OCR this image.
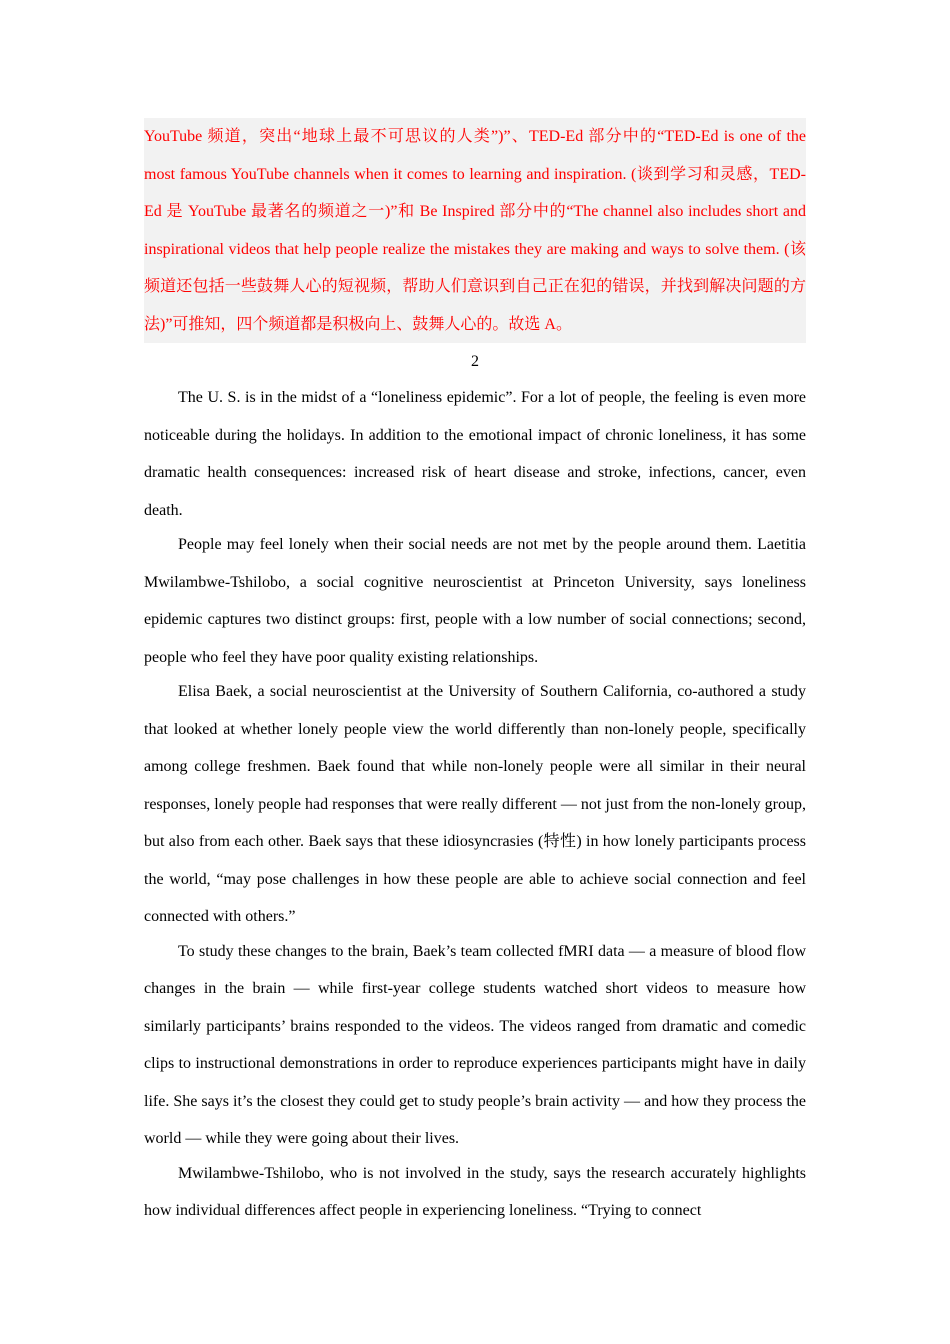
YouTube 频道，突出“地球上最不可思议的人类”)”、TED-Ed 部分中的“TED-Ed is one of the most famous YouTube channels when it comes to learning and inspiration. (谈到学习和灵感，TED-Ed 是 YouTube 最著名的频道之一)”和 Be Inspired 部分中的“The channel also includes short and inspirational videos that help people realize the mistakes they are making and ways to solve them. (该频道还包括一些鼓舞人心的短视频，帮助人们意识到自己正在犯的错误，并找到解决问题的方法)”可推知，四个频道都是积极向上、鼓舞人心的。故选 A。

2

The U. S. is in the midst of a “loneliness epidemic”. For a lot of people, the feeling is even more noticeable during the holidays. In addition to the emotional impact of chronic loneliness, it has some dramatic health consequences: increased risk of heart disease and stroke, infections, cancer, even death.

People may feel lonely when their social needs are not met by the people around them. Laetitia Mwilambwe-Tshilobo, a social cognitive neuroscientist at Princeton University, says loneliness epidemic captures two distinct groups: first, people with a low number of social connections; second, people who feel they have poor quality existing relationships.

Elisa Baek, a social neuroscientist at the University of Southern California, co-authored a study that looked at whether lonely people view the world differently than non-lonely people, specifically among college freshmen. Baek found that while non-lonely people were all similar in their neural responses, lonely people had responses that were really different — not just from the non-lonely group, but also from each other. Baek says that these idiosyncrasies (特性) in how lonely participants process the world, “may pose challenges in how these people are able to achieve social connection and feel connected with others.”

To study these changes to the brain, Baek’s team collected fMRI data — a measure of blood flow changes in the brain — while first-year college students watched short videos to measure how similarly participants’ brains responded to the videos. The videos ranged from dramatic and comedic clips to instructional demonstrations in order to reproduce experiences participants might have in daily life. She says it’s the closest they could get to study people’s brain activity — and how they process the world — while they were going about their lives.

Mwilambwe-Tshilobo, who is not involved in the study, says the research accurately highlights how individual differences affect people in experiencing loneliness. “Trying to connect
